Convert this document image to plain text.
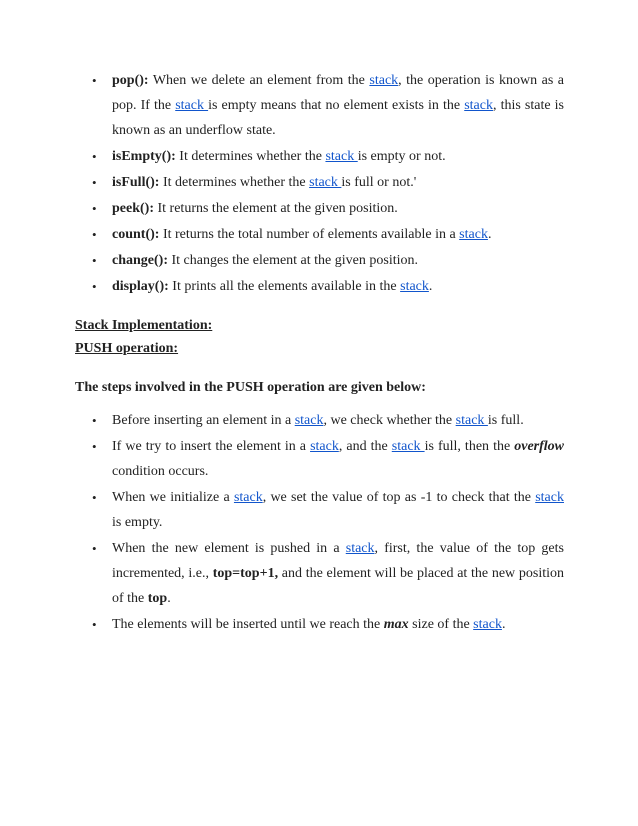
• pop(): When we delete an element from the stack, the operation is known as a pop. If the stack is empty means that no element exists in the stack, this state is known as an underflow state.
• isEmpty(): It determines whether the stack is empty or not.
• isFull(): It determines whether the stack is full or not.'
• peek(): It returns the element at the given position.
• count(): It returns the total number of elements available in a stack.
• change(): It changes the element at the given position.
• display(): It prints all the elements available in the stack.
Stack Implementation:
PUSH operation:
The steps involved in the PUSH operation are given below:
• Before inserting an element in a stack, we check whether the stack is full.
• If we try to insert the element in a stack, and the stack is full, then the overflow condition occurs.
• When we initialize a stack, we set the value of top as -1 to check that the stack is empty.
• When the new element is pushed in a stack, first, the value of the top gets incremented, i.e., top=top+1, and the element will be placed at the new position of the top.
• The elements will be inserted until we reach the max size of the stack.
